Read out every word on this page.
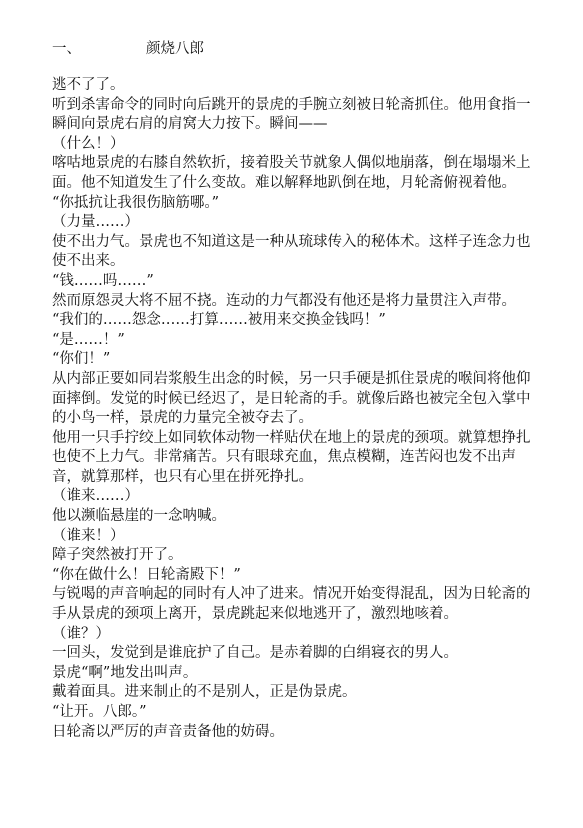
一、	颜烧八郎

逃不了了。

听到杀害命令的同时向后跳开的景虎的手腕立刻被日轮斋抓住。他用食指一瞬间向景虎右肩的肩窝大力按下。瞬间——

（什么！）

喀咕地景虎的右膝自然软折，接着股关节就象人偶似地崩落，倒在塌塌米上面。他不知道发生了什么变故。难以解释地趴倒在地，月轮斋俯视着他。

“你抵抗让我很伤脑筋哪。”

（力量……）

使不出力气。景虎也不知道这是一种从琉球传入的秘体术。这样子连念力也使不出来。

“钱……吗……”

然而原怨灵大将不屈不挠。连动的力气都没有他还是将力量贯注入声带。

“我们的……怨念……打算……被用来交换金钱吗！”

“是……！”

“你们！”

从内部正要如同岩浆般生出念的时候，另一只手硬是抓住景虎的喉间将他仰面摔倒。发觉的时候已经迟了，是日轮斋的手。就像后路也被完全包入掌中的小鸟一样，景虎的力量完全被夺去了。

他用一只手拧绞上如同软体动物一样贴伏在地上的景虎的颈项。就算想挣扎也使不上力气。非常痛苦。只有眼球充血，焦点模糊，连苦闷也发不出声音，就算那样，也只有心里在拼死挣扎。

（谁来……）

他以濒临悬崖的一念呐喊。

（谁来！）

障子突然被打开了。

“你在做什么！日轮斋殿下！”

与锐喝的声音响起的同时有人冲了进来。情况开始变得混乱，因为日轮斋的手从景虎的颈项上离开，景虎跳起来似地逃开了，激烈地咳着。

（谁？）

一回头，发觉到是谁庇护了自己。是赤着脚的白绢寝衣的男人。

景虎“啊”地发出叫声。

戴着面具。进来制止的不是别人，正是伪景虎。

“让开。八郎。”

日轮斋以严厉的声音责备他的妨碍。
